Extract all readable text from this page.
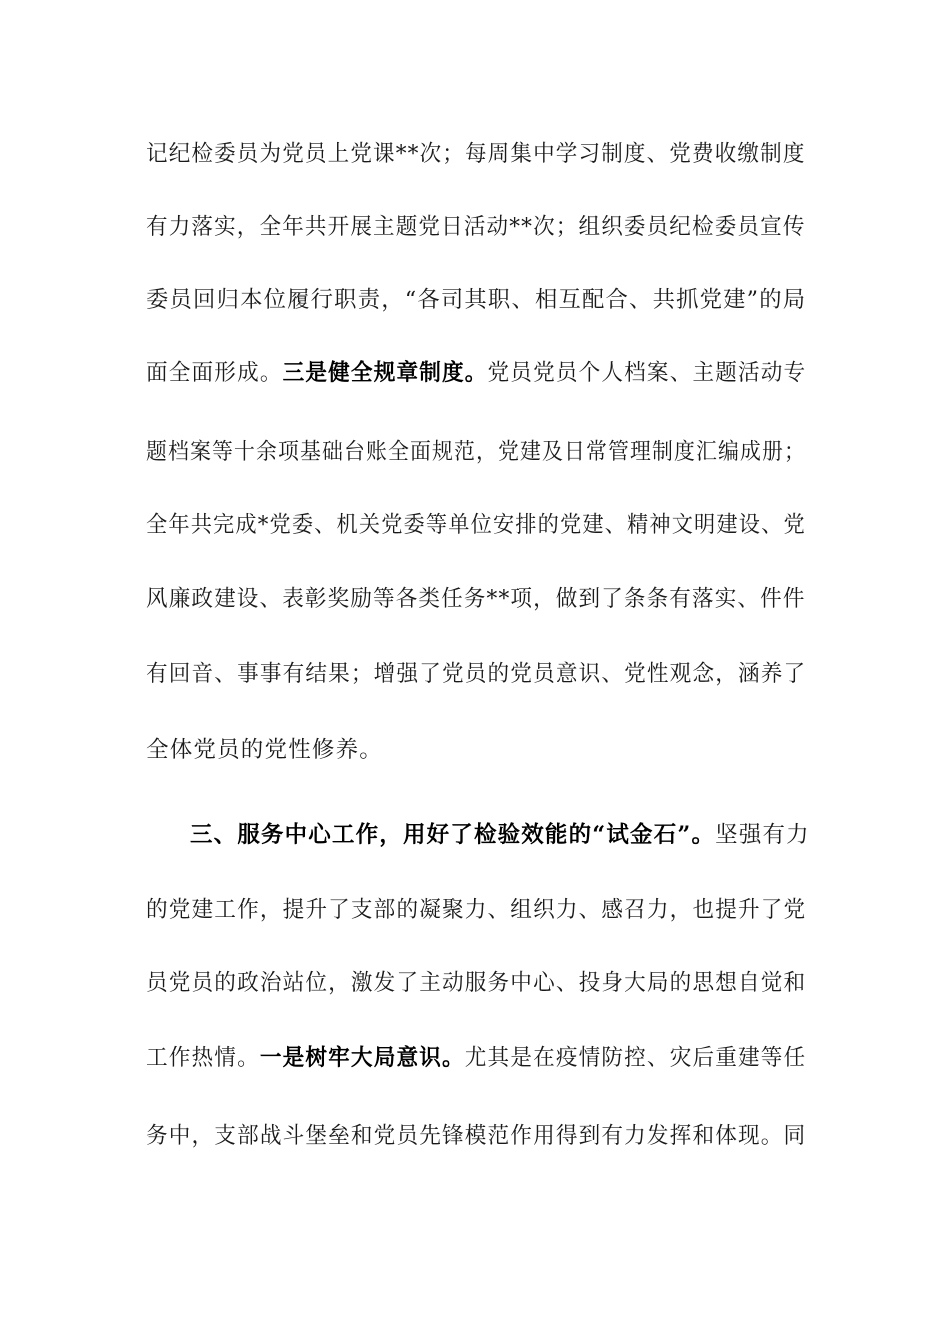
记纪检委员为党员上党课**次；每周集中学习制度、党费收缴制度
有力落实，全年共开展主题党日活动**次；组织委员纪检委员宣传
委员回归本位履行职责，“各司其职、相互配合、共抓党建”的局
面全面形成。三是健全规章制度。党员党员个人档案、主题活动专
题档案等十余项基础台账全面规范，党建及日常管理制度汇编成册；
全年共完成*党委、机关党委等单位安排的党建、精神文明建设、党
风廉政建设、表彰奖励等各类任务**项，做到了条条有落实、件件
有回音、事事有结果；增强了党员的党员意识、党性观念，涵养了
全体党员的党性修养。
三、服务中心工作，用好了检验效能的“试金石”。坚强有力
的党建工作，提升了支部的凝聚力、组织力、感召力，也提升了党
员党员的政治站位，激发了主动服务中心、投身大局的思想自觉和
工作热情。一是树牢大局意识。尤其是在疫情防控、灾后重建等任
务中，支部战斗堡垒和党员先锋模范作用得到有力发挥和体现。同
